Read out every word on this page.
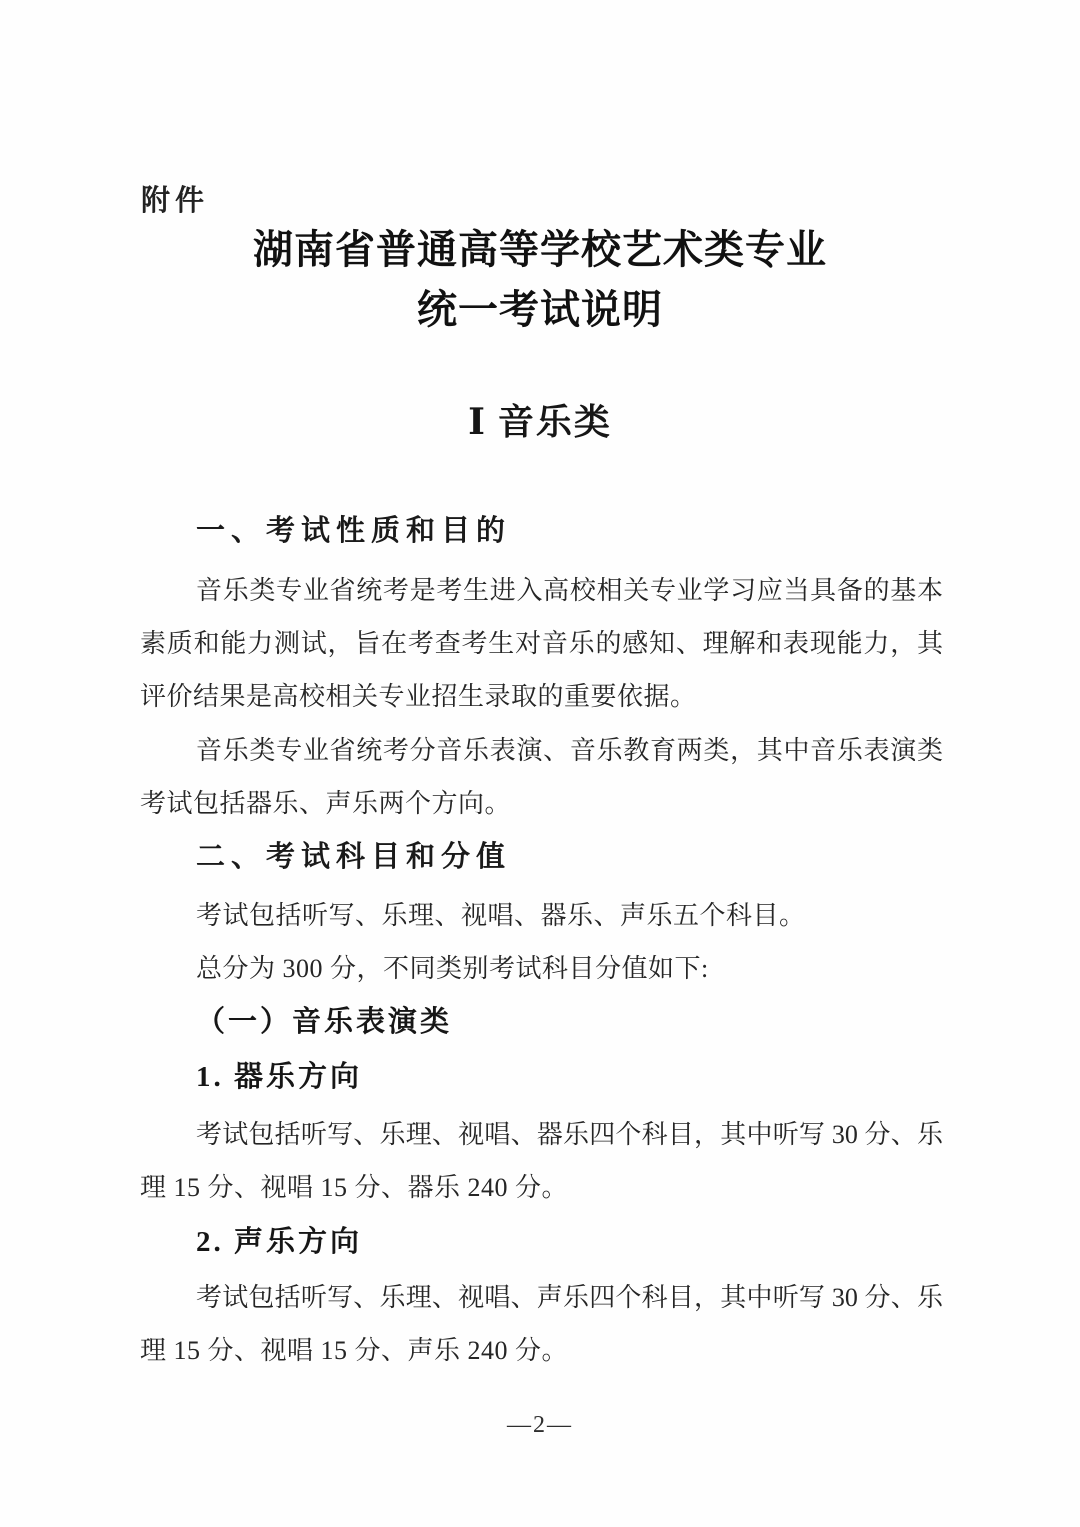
附件
湖南省普通高等学校艺术类专业
统一考试说明
Ⅰ 音乐类
一、考试性质和目的
音乐类专业省统考是考生进入高校相关专业学习应当具备的基本
素质和能力测试，旨在考查考生对音乐的感知、理解和表现能力，其
评价结果是高校相关专业招生录取的重要依据。
音乐类专业省统考分音乐表演、音乐教育两类，其中音乐表演类
考试包括器乐、声乐两个方向。
二、考试科目和分值
考试包括听写、乐理、视唱、器乐、声乐五个科目。
总分为 300 分，不同类别考试科目分值如下:
（一）音乐表演类
1. 器乐方向
考试包括听写、乐理、视唱、器乐四个科目，其中听写 30 分、乐
理 15 分、视唱 15 分、器乐 240 分。
2. 声乐方向
考试包括听写、乐理、视唱、声乐四个科目，其中听写 30 分、乐
理 15 分、视唱 15 分、声乐 240 分。
—2—
